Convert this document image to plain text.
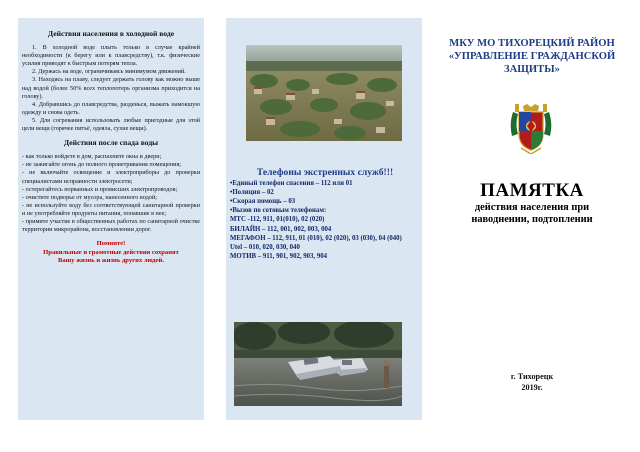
Действия населения в холодной воде

1. В холодной воде плыть только в случае крайней необходимости (к берегу или к плавсредству), т.к. физические усилия приводят к быстрым потерям тепла.

2. Держась на воде, ограничиваясь минимумом движений.

3. Находясь на плаву, следует держать голову как можно выше над водой (более 50% всех теплопотерь организма приходится на голову).

4. Добравшись до плавсредства, разденься, выжать намокшую одежду и снова одеть.

5. Для согревания использовать любые пригодные для этой цели вещи (горячее питьё, одеяла, сухие вещи).

Действия после спада воды

- как только войдете в дом, распахните окна и двери;

- не зажигайте огонь до полного проветривания помещения;

- не включайте освещение и электроприборы до проверки специалистами исправности электросети;

- остерегайтесь порванных и провисших электропроводов;

- очистите подворье от мусора, нанесенного водой;

- не используйте воду без соответствующей санитарной проверки и не употребляйте продукты питания, попавшие в нее;

- примите участие в общественных работах по санитарной очистке территории микрорайона, восстановлении дорог.

Помните!

Правильные и грамотные действия сохранят

Вашу жизнь и жизнь других людей.

Телефоны экстренных служб!!!

•Единый телефон спасения – 112 или 01

•Полиция – 02

•Скорая помощь – 03

•Вызов по сотовым телефонам:

МТС -112, 911, 01(010), 02 (020)

БИЛАЙН – 112, 001, 002, 003, 004

МЕГАФОН – 112, 911, 01 (010), 02 (020), 03 (030), 04 (040)

Utel – 010, 020, 030, 040

МОТИВ – 911, 901, 902, 903, 904

МКУ МО ТИХОРЕЦКИЙ РАЙОН
«УПРАВЛЕНИЕ ГРАЖДАНСКОЙ
ЗАЩИТЫ»
ПАМЯТКА
действия населения при
наводнении, подтоплении
г. Тихорецк
2019г.
